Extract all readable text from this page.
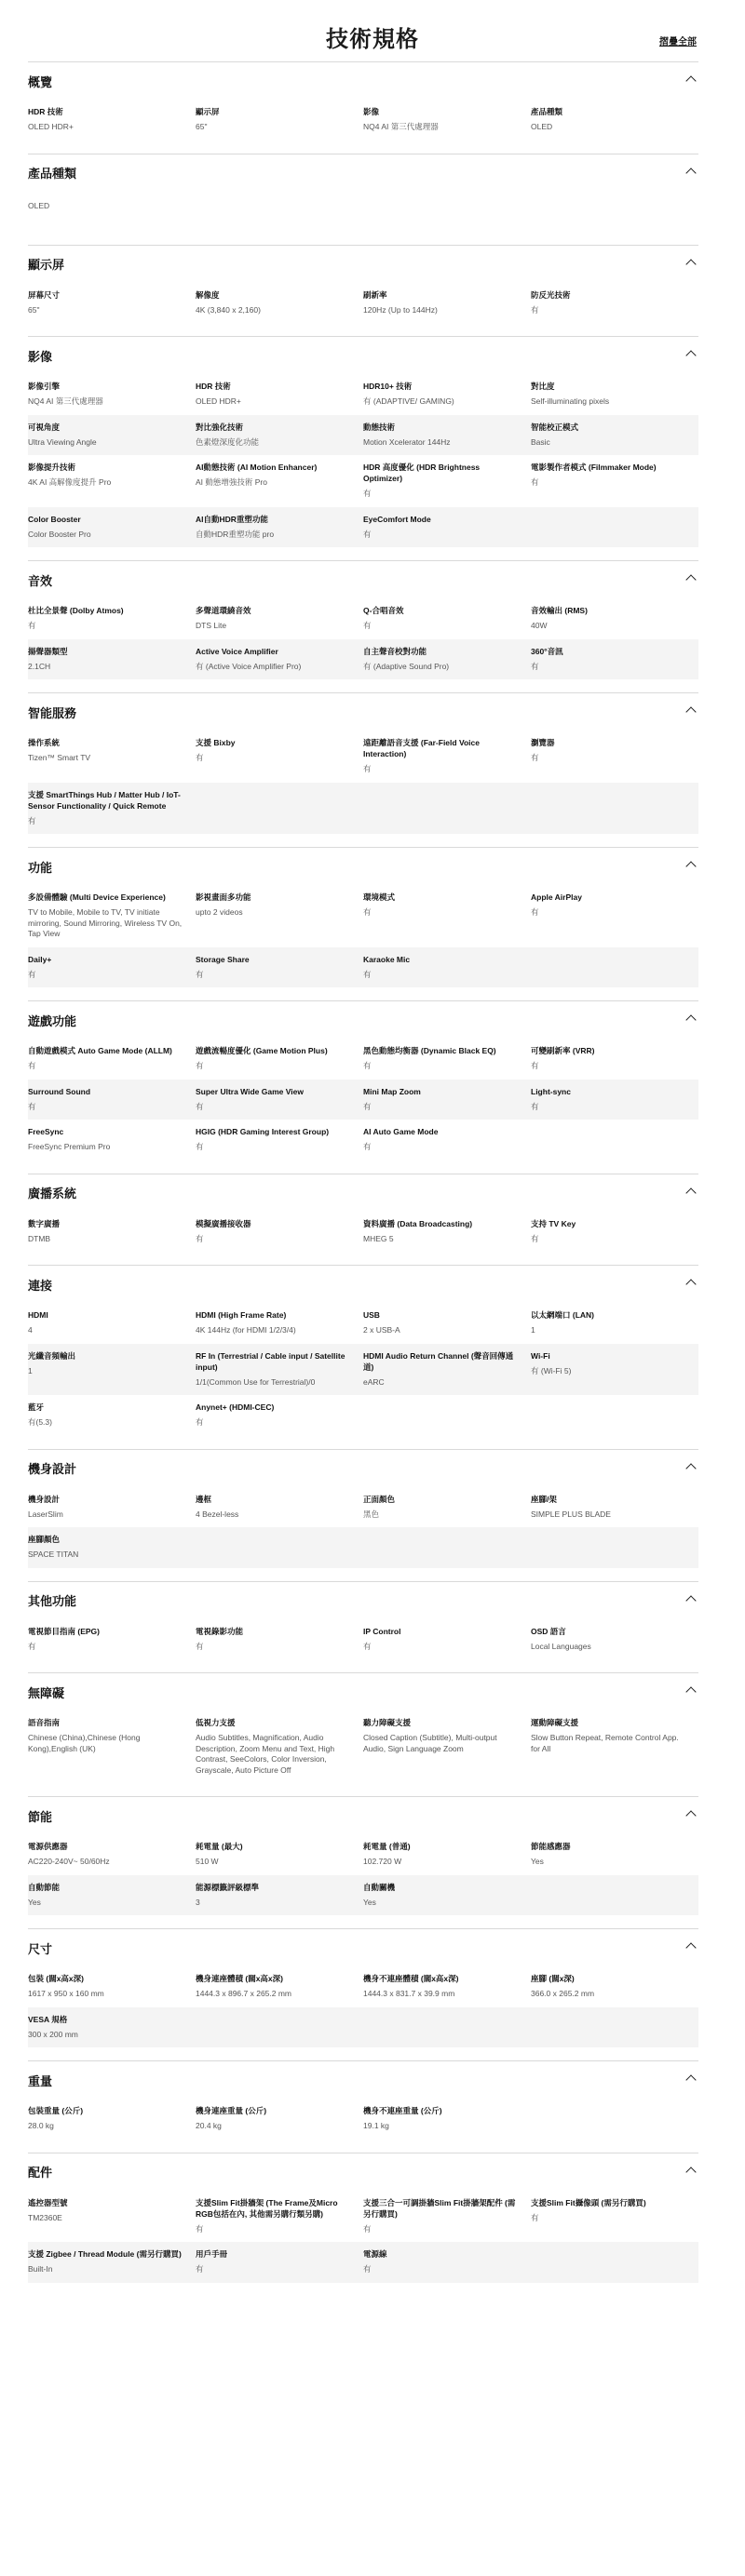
技術規格	摺疊全部
概覽
HDR 技術
OLED HDR+
顯示屏
65"
影像
NQ4 AI 第三代處理器
產品種類
OLED
產品種類
OLED
顯示屏
屏幕尺寸
65"
解像度
4K (3,840 x 2,160)
刷新率
120Hz (Up to 144Hz)
防反光技術
有
影像
影像引擎
NQ4 AI 第三代處理器
HDR 技術
OLED HDR+
HDR10+ 技術
有 (ADAPTIVE/ GAMING)
對比度
Self-illuminating pixels
可視角度
Ultra Viewing Angle
對比強化技術
色素燈深度化功能
動態技術
Motion Xcelerator 144Hz
智能校正模式
Basic
影像提升技術
4K AI 高解像度提升 Pro
AI動態技術 (AI Motion Enhancer)
AI 動態增強技術 Pro
HDR 高度優化 (HDR Brightness Optimizer)
有
電影製作者模式 (Filmmaker Mode)
有
Color Booster
Color Booster Pro
AI自動HDR重塑功能
自動HDR重塑功能 pro
EyeComfort Mode
有
音效
杜比全景聲 (Dolby Atmos)
有
多聲道環繞音效
DTS Lite
Q-合唱音效
有
音效輸出 (RMS)
40W
揚聲器類型
2.1CH
Active Voice Amplifier
有 (Active Voice Amplifier Pro)
自主聲音校對功能
有 (Adaptive Sound Pro)
360°音訊
有
智能服務
操作系統
Tizen™ Smart TV
支援 Bixby
有
遠距離語音支援 (Far-Field Voice Interaction)
有
瀏覽器
有
支援 SmartThings Hub / Matter Hub / IoT-Sensor Functionality / Quick Remote
有
功能
多設備體驗 (Multi Device Experience)
TV to Mobile, Mobile to TV, TV initiate mirroring, Sound Mirroring, Wireless TV On, Tap View
影視畫面多功能
upto 2 videos
環境模式
有
Apple AirPlay
有
Daily+
有
Storage Share
有
Karaoke Mic
有
遊戲功能
自動遊戲模式 Auto Game Mode (ALLM)
有
遊戲流暢度優化 (Game Motion Plus)
有
黑色動態均衡器 (Dynamic Black EQ)
有
可變刷新率 (VRR)
有
Surround Sound
有
Super Ultra Wide Game View
有
Mini Map Zoom
有
Light-sync
有
FreeSync
FreeSync Premium Pro
HGIG (HDR Gaming Interest Group)
有
AI Auto Game Mode
有
廣播系統
數字廣播
DTMB
模擬廣播接收器
有
資料廣播 (Data Broadcasting)
MHEG 5
支持 TV Key
有
連接
HDMI
4
HDMI (High Frame Rate)
4K 144Hz (for HDMI 1/2/3/4)
USB
2 x USB-A
以太網端口 (LAN)
1
光纖音頻輸出
1
RF In (Terrestrial / Cable input / Satellite input)
1/1(Common Use for Terrestrial)/0
HDMI Audio Return Channel (聲音回傳通道)
eARC
Wi-Fi
有 (Wi-Fi 5)
藍牙
有(5.3)
Anynet+ (HDMI-CEC)
有
機身設計
機身設計
LaserSlim
邊框
4 Bezel-less
正面顏色
黑色
座腳/架
SIMPLE PLUS BLADE
座腳顏色
SPACE TITAN
其他功能
電視節目指南 (EPG)
有
電視錄影功能
有
IP Control
有
OSD 語言
Local Languages
無障礙
語音指南
Chinese (China),Chinese (Hong Kong),English (UK)
低視力支援
Audio Subtitles, Magnification, Audio Description, Zoom Menu and Text, High Contrast, SeeColors, Color Inversion, Grayscale, Auto Picture Off
聽力障礙支援
Closed Caption (Subtitle), Multi-output Audio, Sign Language Zoom
運動障礙支援
Slow Button Repeat, Remote Control App. for All
節能
電源供應器
AC220-240V~ 50/60Hz
耗電量 (最大)
510 W
耗電量 (普通)
102.720 W
節能感應器
Yes
自動節能
Yes
能源標籤評級標準
3
自動關機
Yes
尺寸
包裝 (闊x高x深)
1617 x 950 x 160 mm
機身連座體積 (闊x高x深)
1444.3 x 896.7 x 265.2 mm
機身不連座體積 (闊x高x深)
1444.3 x 831.7 x 39.9 mm
座腳 (闊x深)
366.0 x 265.2 mm
VESA 規格
300 x 200 mm
重量
包裝重量 (公斤)
28.0 kg
機身連座重量 (公斤)
20.4 kg
機身不連座重量 (公斤)
19.1 kg
配件
遙控器型號
TM2360E
支援Slim Fit掛牆架 (The Frame及Micro RGB包括在內, 其他需另購行類另購)
有
支援三合一可調掛牆Slim Fit掛牆架配件 (需另行購買)
有
支援Slim Fit攝像頭 (需另行購買)
有
支援 Zigbee / Thread Module (需另行購買)
Built-In
用戶手冊
有
電源線
有
